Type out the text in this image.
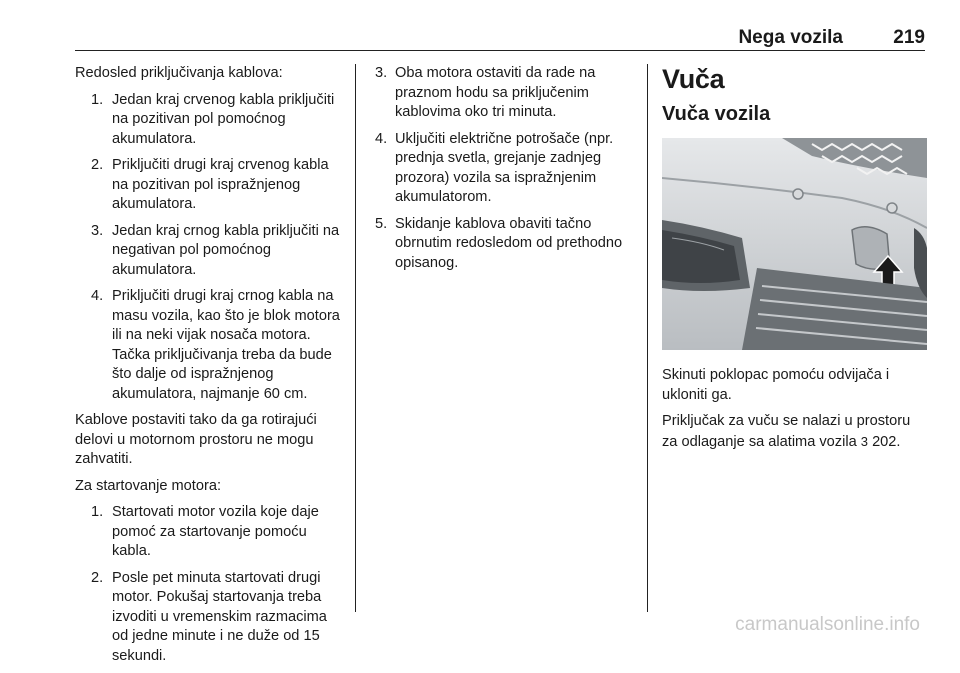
Nega vozila	219

Redosled priključivanja kablova:

1. Jedan kraj crvenog kabla priključiti na pozitivan pol pomoćnog akumulatora.
2. Priključiti drugi kraj crvenog kabla na pozitivan pol ispražnjenog akumulatora.
3. Jedan kraj crnog kabla priključiti na negativan pol pomoćnog akumulatora.
4. Priključiti drugi kraj crnog kabla na masu vozila, kao što je blok motora ili na neki vijak nosača motora. Tačka priključivanja treba da bude što dalje od ispražnjenog akumulatora, najmanje 60 cm.

Kablove postaviti tako da ga rotirajući delovi u motornom prostoru ne mogu zahvatiti.

Za startovanje motora:

1. Startovati motor vozila koje daje pomoć za startovanje pomoću kabla.
2. Posle pet minuta startovati drugi motor. Pokušaj startovanja treba izvoditi u vremenskim razmacima od jedne minute i ne duže od 15 sekundi.
3. Oba motora ostaviti da rade na praznom hodu sa priključenim kablovima oko tri minuta.
4. Uključiti električne potrošače (npr. prednja svetla, grejanje zadnjeg prozora) vozila sa ispražnjenim akumulatorom.
5. Skidanje kablova obaviti tačno obrnutim redosledom od prethodno opisanog.
Vuča
Vuča vozila

Skinuti poklopac pomoću odvijača i ukloniti ga.

Priključak za vuču se nalazi u prostoru za odlaganje sa alatima vozila 3 202.

carmanualsonline.info
